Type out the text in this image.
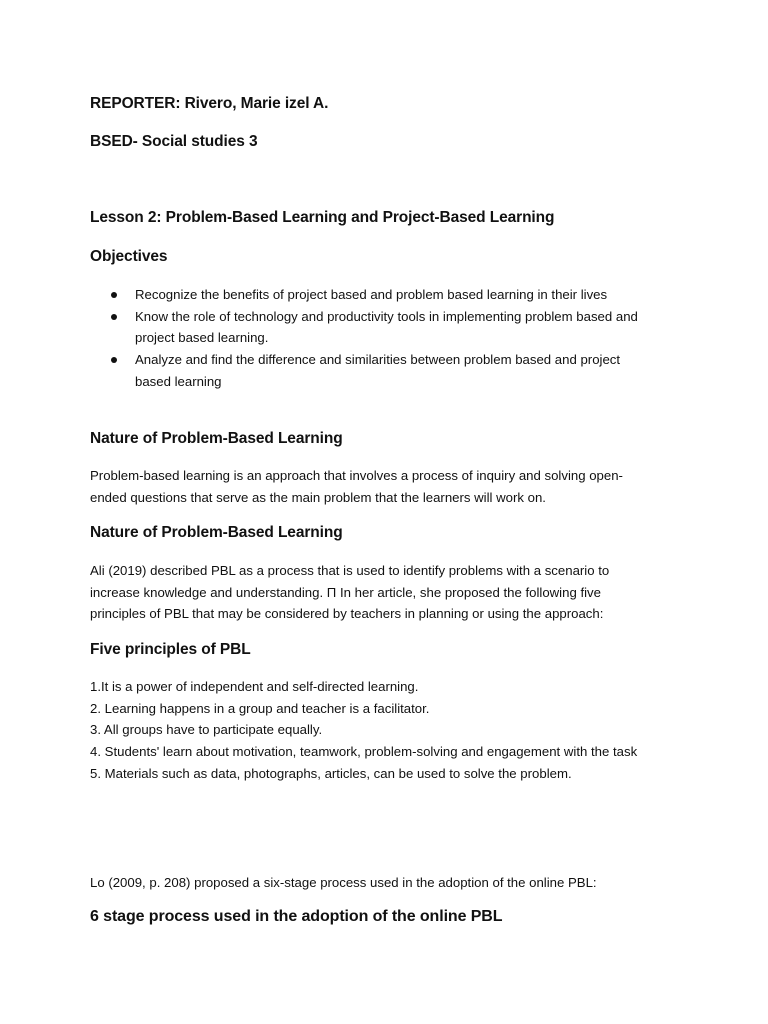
REPORTER: Rivero, Marie izel A.

BSED- Social studies 3

Lesson 2: Problem-Based Learning and Project-Based Learning

Objectives

Recognize the benefits of project based and problem based learning in their lives
Know the role of technology and productivity tools in implementing problem based and
project based learning.
Analyze and find the difference and similarities between problem based and project
based learning

Nature of Problem-Based Learning

Problem-based learning is an approach that involves a process of inquiry and solving open-
ended questions that serve as the main problem that the learners will work on.

Nature of Problem-Based Learning

Ali (2019) described PBL as a process that is used to identify problems with a scenario to
increase knowledge and understanding. Π In her article, she proposed the following five
principles of PBL that may be considered by teachers in planning or using the approach:

Five principles of PBL

1.It is a power of independent and self-directed learning.
2. Learning happens in a group and teacher is a facilitator.
3. All groups have to participate equally.
4. Students' learn about motivation, teamwork, problem-solving and engagement with the task
5. Materials such as data, photographs, articles, can be used to solve the problem.

Lo (2009, p. 208) proposed a six-stage process used in the adoption of the online PBL:

6 stage process used in the adoption of the online PBL
